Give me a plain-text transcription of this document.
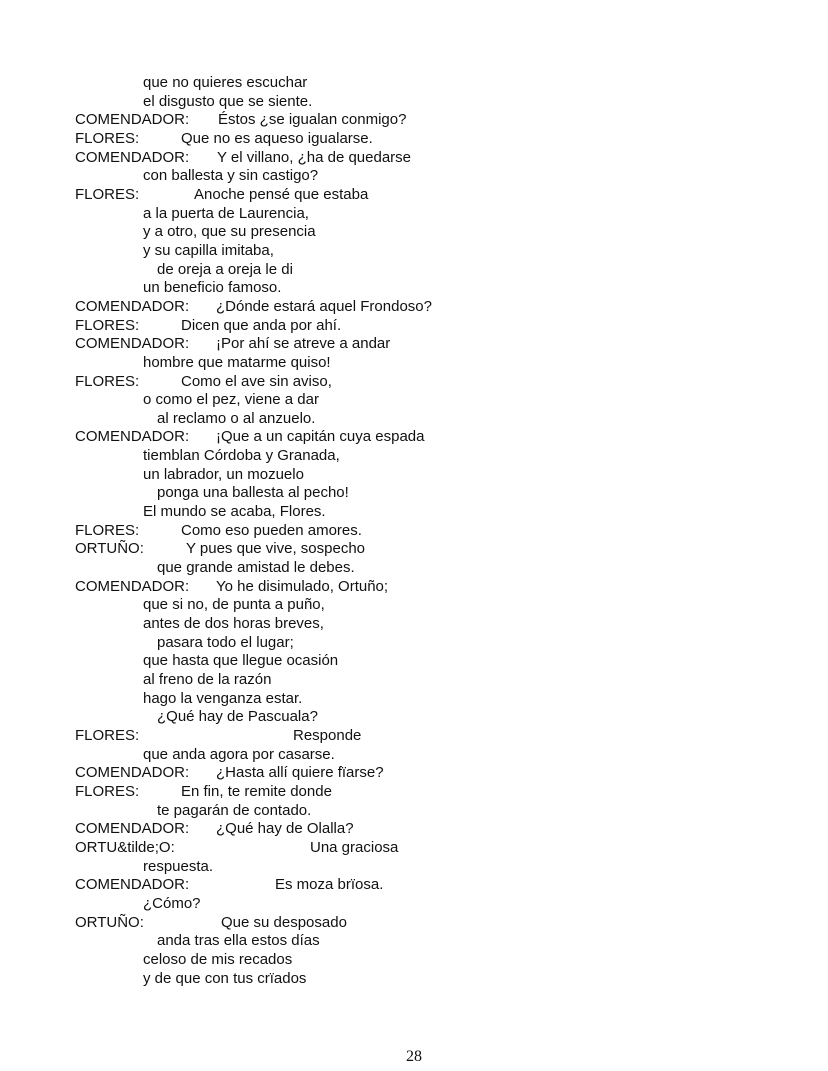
que no quieres escuchar
el disgusto que se siente.
COMENDADOR: Éstos ¿se igualan conmigo?
FLORES:	Que no es aqueso igualarse.
COMENDADOR: Y el villano, ¿ha de quedarse
con ballesta y sin castigo?
FLORES:	Anoche pensé que estaba
a la puerta de Laurencia,
y a otro, que su presencia
y su capilla imitaba,
de oreja a oreja le di
un beneficio famoso.
COMENDADOR: ¿Dónde estará aquel Frondoso?
FLORES:	Dicen que anda por ahí.
COMENDADOR: ¡Por ahí se atreve a andar
hombre que matarme quiso!
FLORES:	Como el ave sin aviso,
o como el pez, viene a dar
al reclamo o al anzuelo.
COMENDADOR: ¡Que a un capitán cuya espada
tiemblan Córdoba y Granada,
un labrador, un mozuelo
ponga una ballesta al pecho!
El mundo se acaba, Flores.
FLORES:	Como eso pueden amores.
ORTUÑO:	Y pues que vive, sospecho
que grande amistad le debes.
COMENDADOR: Yo he disimulado, Ortuño;
que si no, de punta a puño,
antes de dos horas breves,
pasara todo el lugar;
que hasta que llegue ocasión
al freno de la razón
hago la venganza estar.
¿Qué hay de Pascuala?
FLORES:	Responde
que anda agora por casarse.
COMENDADOR: ¿Hasta allí quiere fïarse?
FLORES:	En fin, te remite donde
te pagarán de contado.
COMENDADOR: ¿Qué hay de Olalla?
ORTU&tilde;O:	Una graciosa
respuesta.
COMENDADOR:	Es moza brïosa.
¿Cómo?
ORTUÑO:	Que su desposado
anda tras ella estos días
celoso de mis recados
y de que con tus crïados
28
